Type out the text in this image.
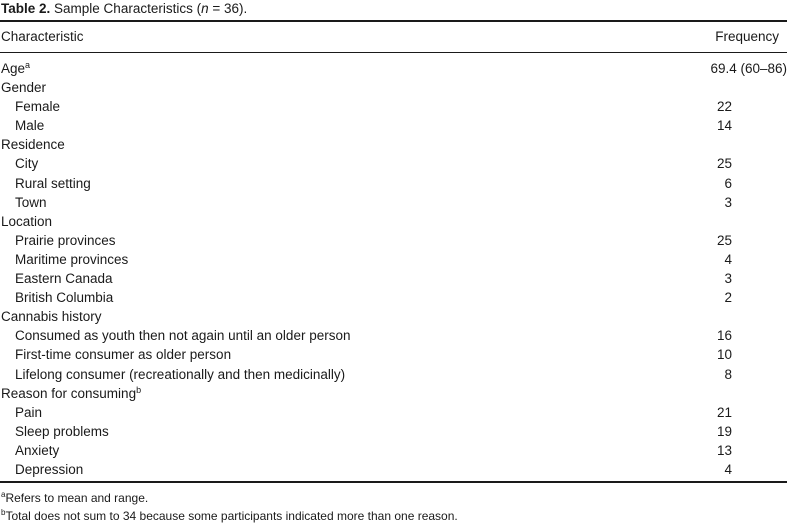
Table 2. Sample Characteristics (n = 36).
Characteristic	Frequency
Age$^a$	69.4 (60–86)
Gender
Female	22
Male	14
Residence
City	25
Rural setting	6
Town	3
Location
Prairie provinces	25
Maritime provinces	4
Eastern Canada	3
British Columbia	2
Cannabis history
Consumed as youth then not again until an older person	16
First-time consumer as older person	10
Lifelong consumer (recreationally and then medicinally)	8
Reason for consuming$^b$
Pain	21
Sleep problems	19
Anxiety	13
Depression	4
$^a$Refers to mean and range.
$^b$Total does not sum to 34 because some participants indicated more than one reason.
